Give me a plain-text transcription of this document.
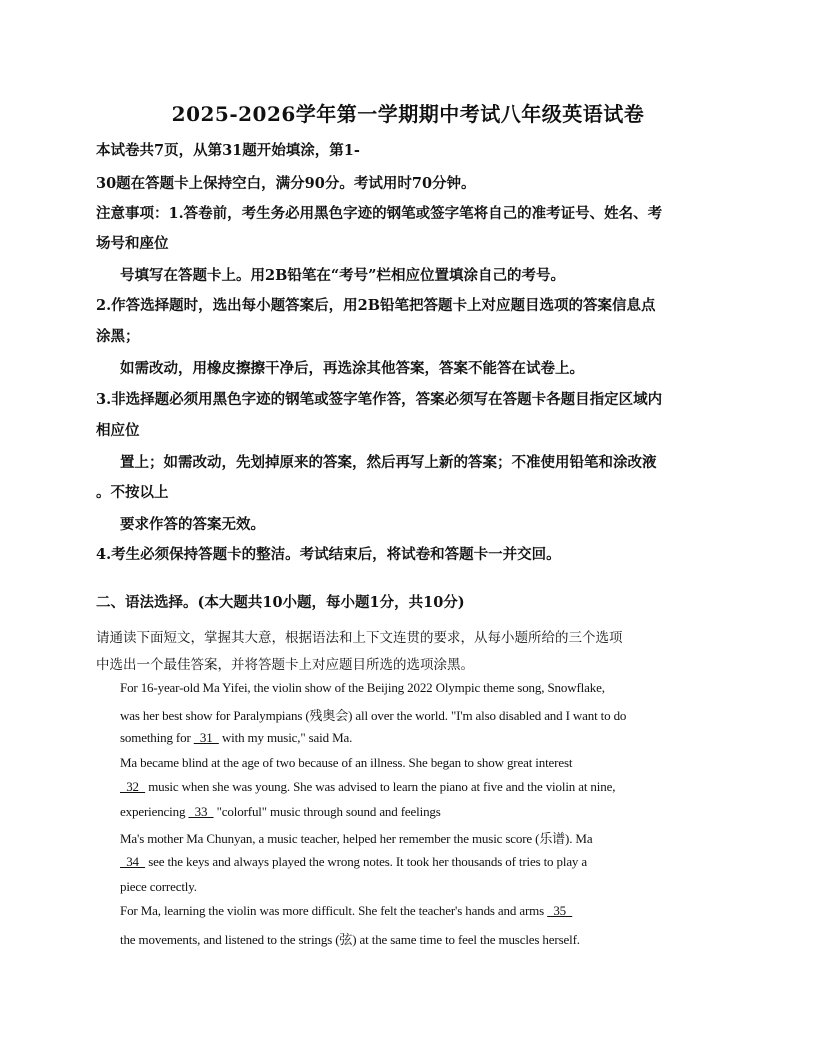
2025-2026学年第一学期期中考试八年级英语试卷
本试卷共7页，从第31题开始填涂，第1-
30题在答题卡上保持空白，满分90分。考试用时70分钟。
注意事项：1.答卷前，考生务必用黑色字迹的钢笔或签字笔将自己的准考证号、姓名、考
场号和座位
号填写在答题卡上。用2B铅笔在“考号”栏相应位置填涂自己的考号。
2.作答选择题时，选出每小题答案后，用2B铅笔把答题卡上对应题目选项的答案信息点
涂黑；
如需改动，用橡皮擦擦干净后，再选涂其他答案，答案不能答在试卷上。
3.非选择题必须用黑色字迹的钢笔或签字笔作答，答案必须写在答题卡各题目指定区域内
相应位
置上；如需改动，先划掉原来的答案，然后再写上新的答案；不准使用铅笔和涂改液
。不按以上
要求作答的答案无效。
4.考生必须保持答题卡的整洁。考试结束后，将试卷和答题卡一并交回。
二、语法选择。(本大题共10小题，每小题1分，共10分)
请通读下面短文，掌握其大意，根据语法和上下文连贯的要求，从每小题所给的三个选项
中选出一个最佳答案，并将答题卡上对应题目所选的选项涂黑。
For 16-year-old Ma Yifei, the violin show of the Beijing 2022 Olympic theme song, Snowflake,
was her best show for Paralympians (残奥会) all over the world. "I'm also disabled and I want to do
something for   31   with my music," said Ma.
Ma became blind at the age of two because of an illness. She began to show great interest
32   music when she was young. She was advised to learn the piano at five and the violin at nine,
experiencing   33   "colorful" music through sound and feelings
Ma's mother Ma Chunyan, a music teacher, helped her remember the music score (乐谱). Ma
34   see the keys and always played the wrong notes. It took her thousands of tries to play a
piece correctly.
For Ma, learning the violin was more difficult. She felt the teacher's hands and arms   35
the movements, and listened to the strings (弦) at the same time to feel the muscles herself.
